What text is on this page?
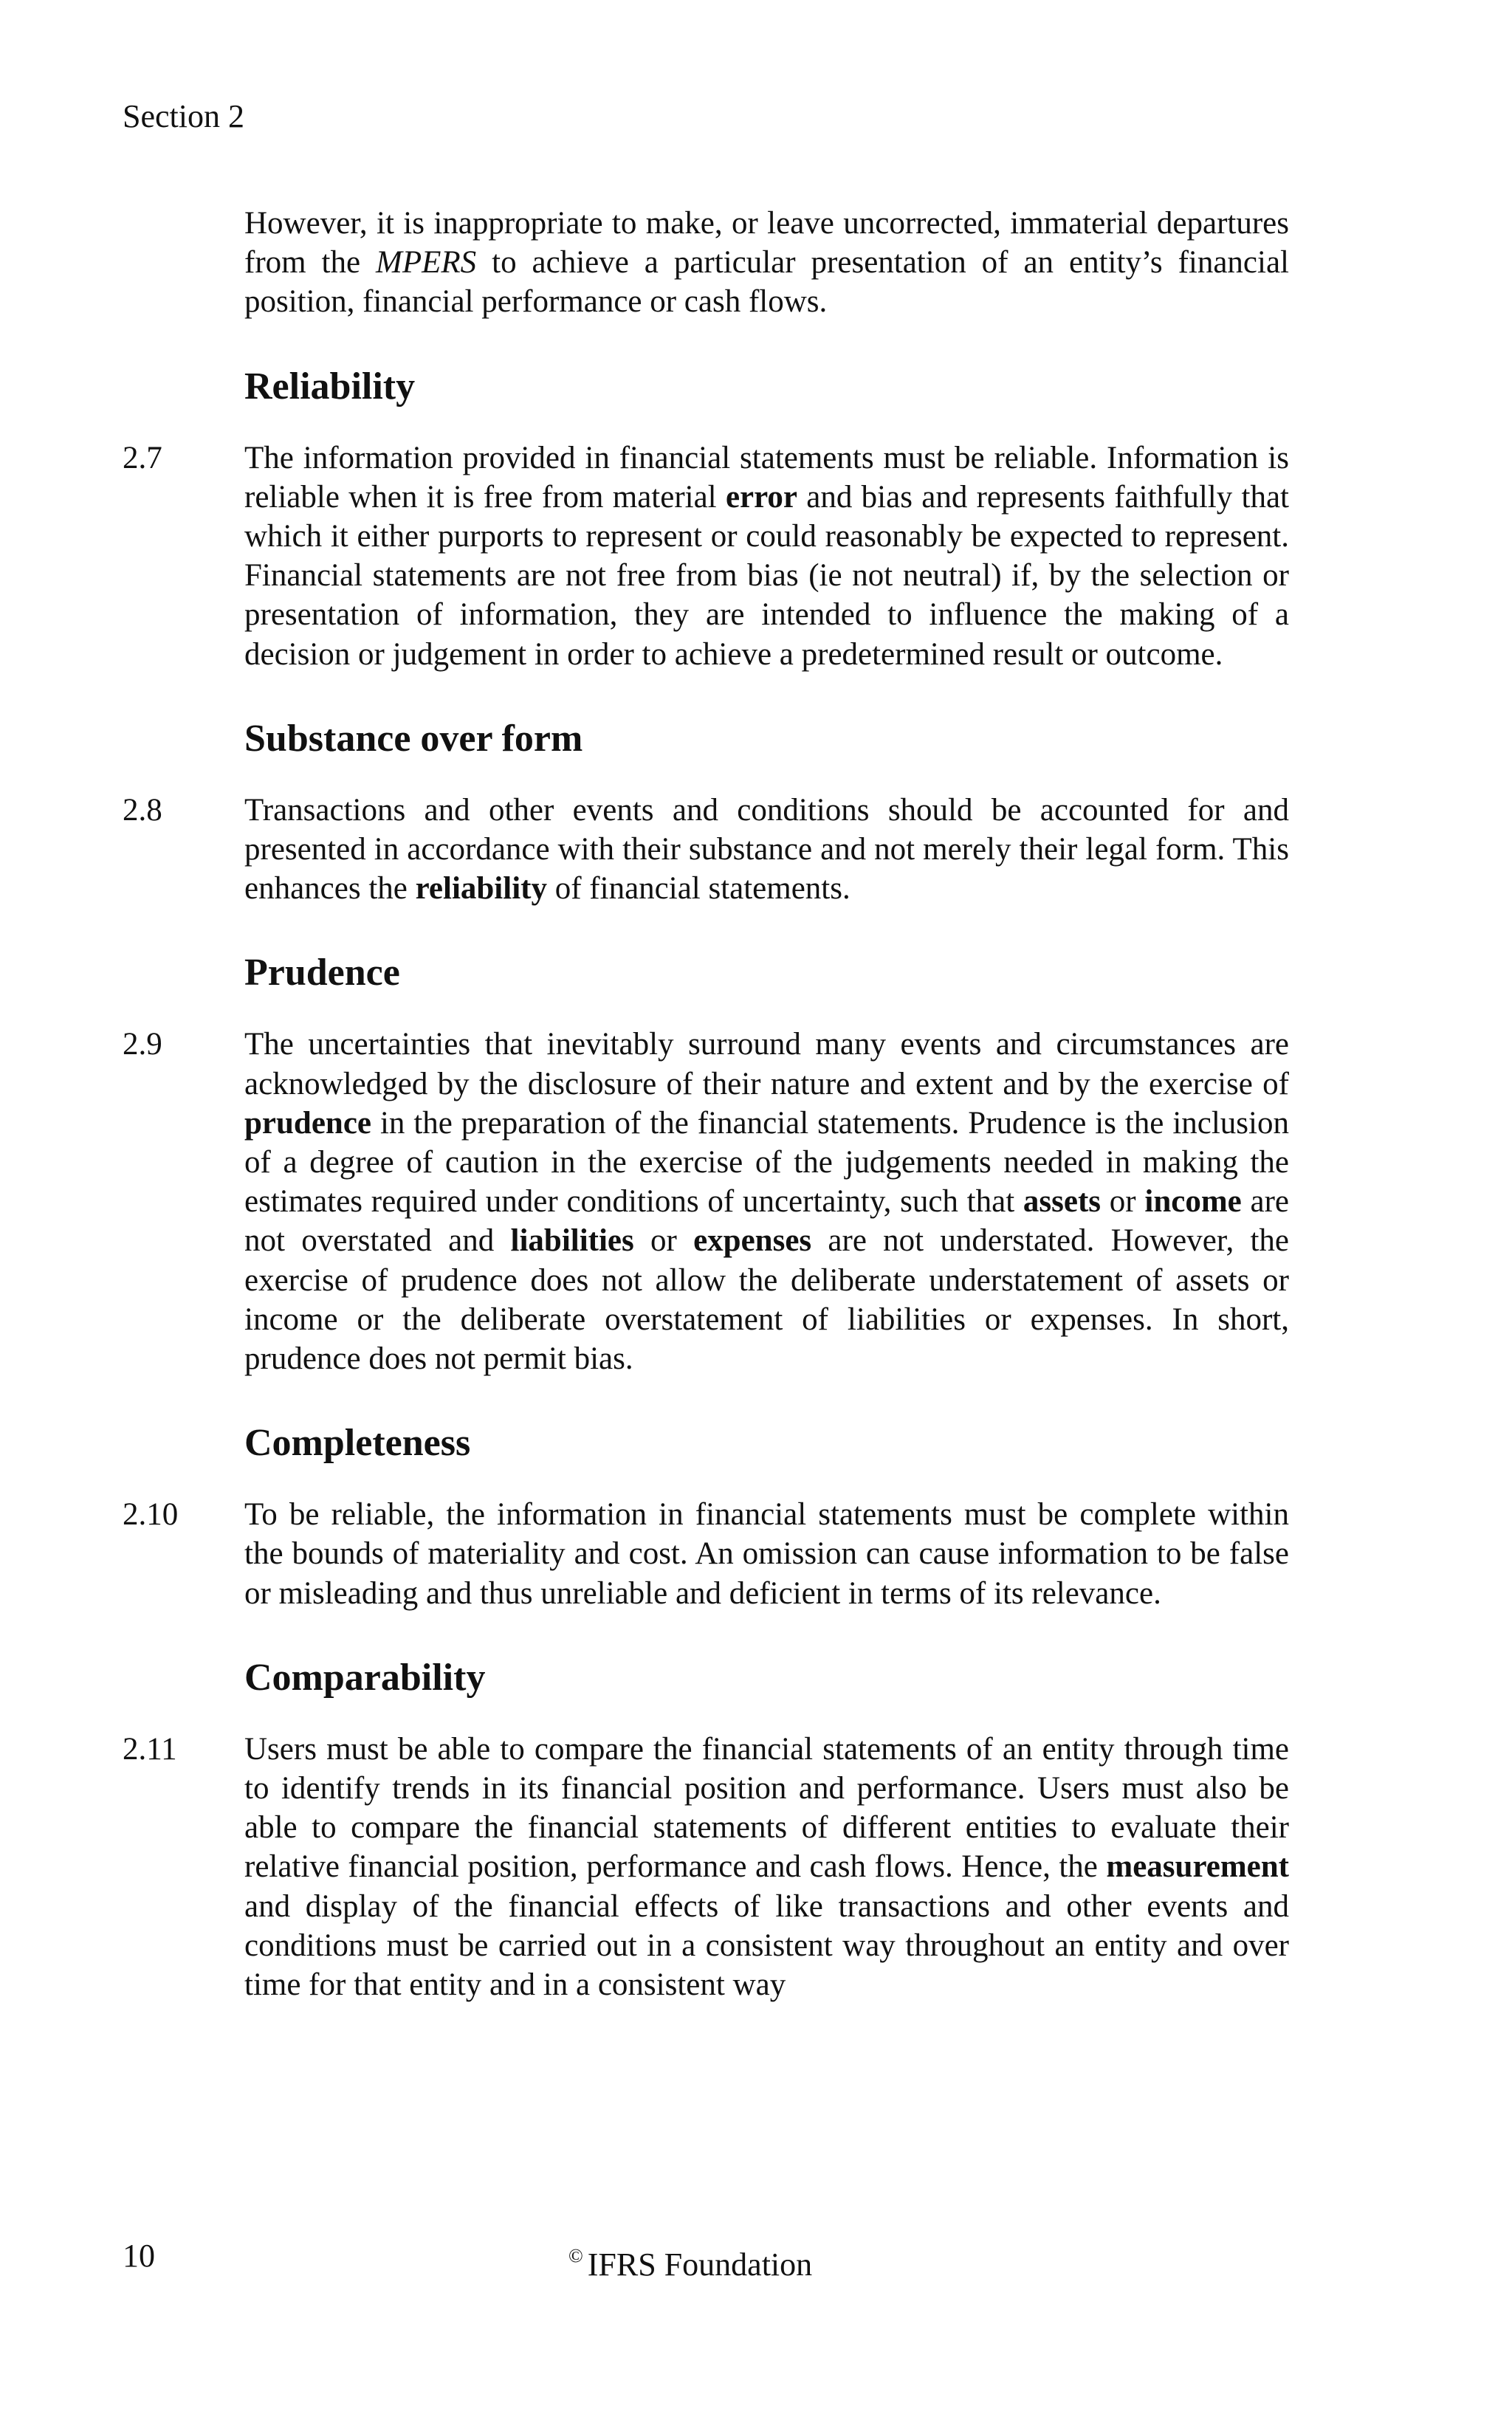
Section 2

However, it is inappropriate to make, or leave uncorrected, immaterial departures from the MPERS to achieve a particular presentation of an entity’s financial position, financial performance or cash flows.

Reliability

2.7	The information provided in financial statements must be reliable. Information is reliable when it is free from material error and bias and represents faithfully that which it either purports to represent or could reasonably be expected to represent. Financial statements are not free from bias (ie not neutral) if, by the selection or presentation of information, they are intended to influence the making of a decision or judgement in order to achieve a predetermined result or outcome.

Substance over form

2.8	Transactions and other events and conditions should be accounted for and presented in accordance with their substance and not merely their legal form. This enhances the reliability of financial statements.

Prudence

2.9	The uncertainties that inevitably surround many events and circumstances are acknowledged by the disclosure of their nature and extent and by the exercise of prudence in the preparation of the financial statements. Prudence is the inclusion of a degree of caution in the exercise of the judgements needed in making the estimates required under conditions of uncertainty, such that assets or income are not overstated and liabilities or expenses are not understated. However, the exercise of prudence does not allow the deliberate understatement of assets or income or the deliberate overstatement of liabilities or expenses. In short, prudence does not permit bias.

Completeness

2.10 To be reliable, the information in financial statements must be complete within the bounds of materiality and cost. An omission can cause information to be false or misleading and thus unreliable and deficient in terms of its relevance.

Comparability

2.11 Users must be able to compare the financial statements of an entity through time to identify trends in its financial position and performance. Users must also be able to compare the financial statements of different entities to evaluate their relative financial position, performance and cash flows. Hence, the measurement and display of the financial effects of like transactions and other events and conditions must be carried out in a consistent way throughout an entity and over time for that entity and in a consistent way

10	© IFRS Foundation
